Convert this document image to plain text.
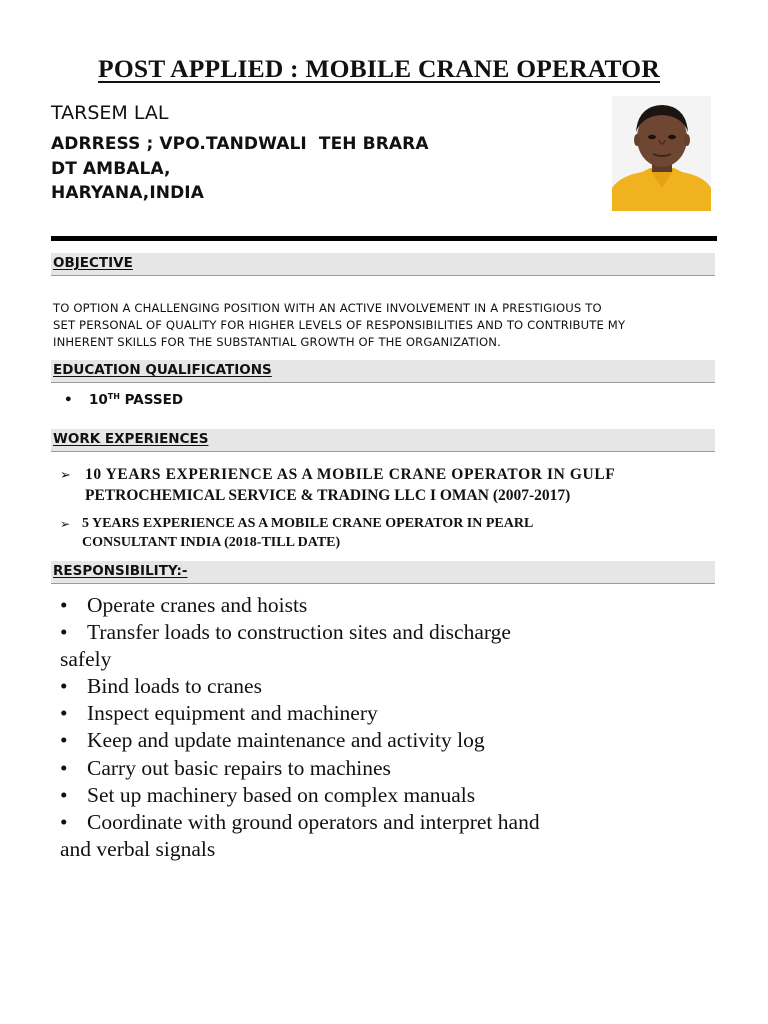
POST APPLIED : MOBILE CRANE OPERATOR
TARSEM LAL
ADRRESS ; VPO.TANDWALI  TEH BRARA
DT AMBALA,
HARYANA,INDIA
OBJECTIVE
TO OPTION A CHALLENGING POSITION WITH AN ACTIVE INVOLVEMENT IN A PRESTIGIOUS TO
SET PERSONAL OF QUALITY FOR HIGHER LEVELS OF RESPONSIBILITIES AND TO CONTRIBUTE MY
INHERENT SKILLS FOR THE SUBSTANTIAL GROWTH OF THE ORGANIZATION.
EDUCATION QUALIFICATIONS
• 10TH PASSED
WORK EXPERIENCES
➢ 10 YEARS EXPERIENCE AS A MOBILE CRANE OPERATOR IN GULF
PETROCHEMICAL SERVICE & TRADING LLC I OMAN (2007-2017)
➢ 5 YEARS EXPERIENCE AS A MOBILE CRANE OPERATOR IN PEARL
CONSULTANT INDIA (2018-TILL DATE)
RESPONSIBILITY:-
• Operate cranes and hoists
• Transfer loads to construction sites and discharge
safely
• Bind loads to cranes
• Inspect equipment and machinery
• Keep and update maintenance and activity log
• Carry out basic repairs to machines
• Set up machinery based on complex manuals
• Coordinate with ground operators and interpret hand
and verbal signals
